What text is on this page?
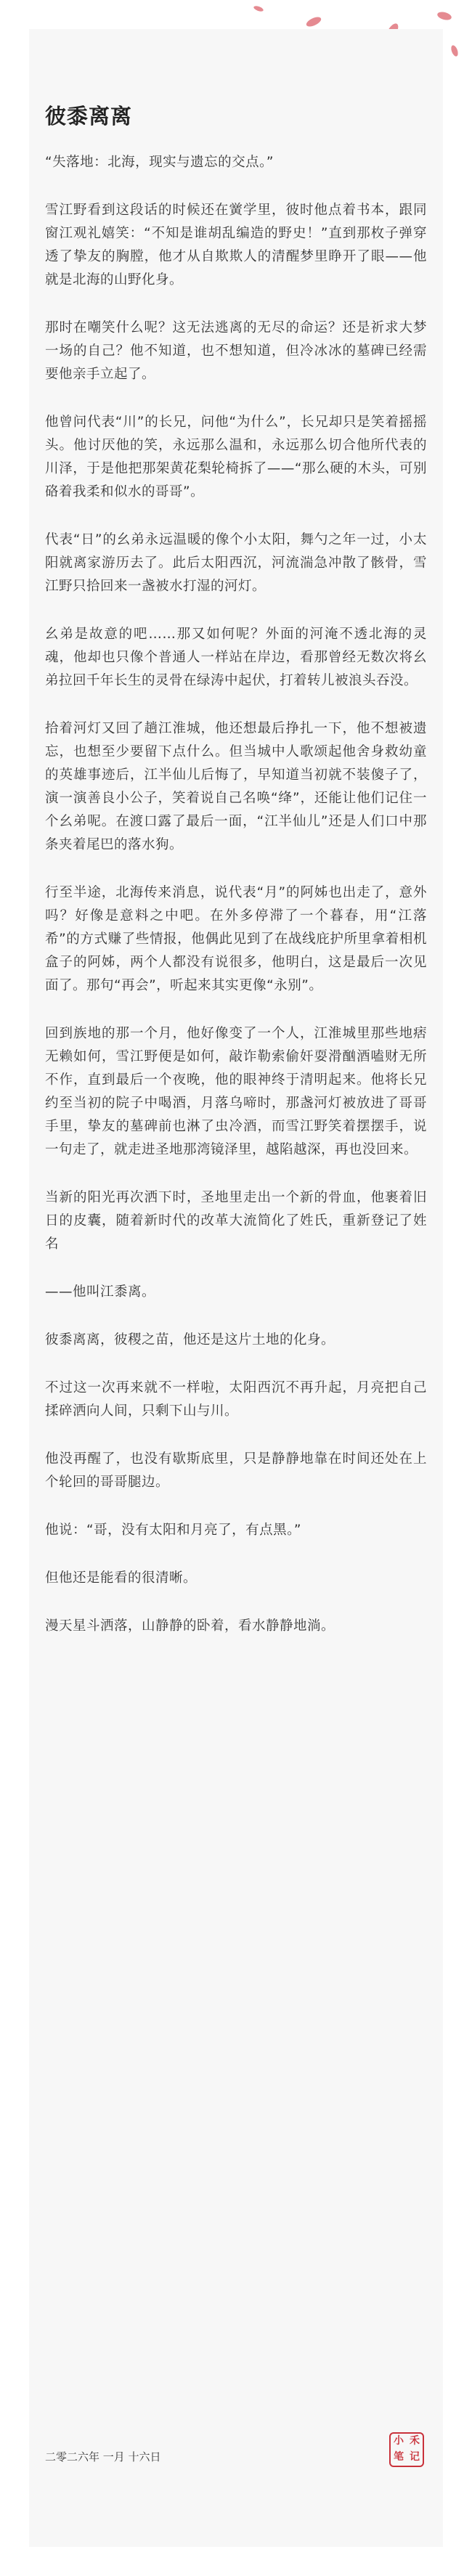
彼黍离离

“失落地：北海，现实与遗忘的交点。”

雪江野看到这段话的时候还在黉学里，彼时他点着书本，跟同窗江观礼嬉笑：“不知是谁胡乱编造的野史！”直到那枚子弹穿透了挚友的胸膛，他才从自欺欺人的清醒梦里睁开了眼——他就是北海的山野化身。

那时在嘲笑什么呢？这无法逃离的无尽的命运？还是祈求大梦一场的自己？他不知道，也不想知道，但冷冰冰的墓碑已经需要他亲手立起了。

他曾问代表“川”的长兄，问他“为什么”，长兄却只是笑着摇摇头。他讨厌他的笑，永远那么温和，永远那么切合他所代表的川泽，于是他把那架黄花梨轮椅拆了——“那么硬的木头，可别硌着我柔和似水的哥哥”。

代表“日”的幺弟永远温暖的像个小太阳，舞勺之年一过，小太阳就离家游历去了。此后太阳西沉，河流湍急冲散了骸骨，雪江野只拾回来一盏被水打湿的河灯。

幺弟是故意的吧……那又如何呢？外面的河淹不透北海的灵魂，他却也只像个普通人一样站在岸边，看那曾经无数次将幺弟拉回千年长生的灵骨在绿涛中起伏，打着转儿被浪头吞没。

拾着河灯又回了趟江淮城，他还想最后挣扎一下，他不想被遗忘，也想至少要留下点什么。但当城中人歌颂起他舍身救幼童的英雄事迹后，江半仙儿后悔了，早知道当初就不装傻子了，演一演善良小公子，笑着说自己名唤“绛”，还能让他们记住一个幺弟呢。在渡口露了最后一面，“江半仙儿”还是人们口中那条夹着尾巴的落水狗。

行至半途，北海传来消息，说代表“月”的阿姊也出走了，意外吗？好像是意料之中吧。在外多停滞了一个暮春，用“江落希”的方式赚了些情报，他偶此见到了在战线庇护所里拿着相机盒子的阿姊，两个人都没有说很多，他明白，这是最后一次见面了。那句“再会”，听起来其实更像“永别”。

回到族地的那一个月，他好像变了一个人，江淮城里那些地痞无赖如何，雪江野便是如何，敲诈勒索偷奸耍滑酗酒嗑财无所不作，直到最后一个夜晚，他的眼神终于清明起来。他将长兄约至当初的院子中喝酒，月落乌啼时，那盏河灯被放进了哥哥手里，挚友的墓碑前也淋了虫冷酒，而雪江野笑着摆摆手，说一句走了，就走进圣地那湾镜泽里，越陷越深，再也没回来。

当新的阳光再次洒下时，圣地里走出一个新的骨血，他裹着旧日的皮囊，随着新时代的改革大流简化了姓氏，重新登记了姓名

——他叫江黍离。

彼黍离离，彼稷之苗，他还是这片土地的化身。

不过这一次再来就不一样啦，太阳西沉不再升起，月亮把自己揉碎洒向人间，只剩下山与川。

他没再醒了，也没有歇斯底里，只是静静地靠在时间还处在上个轮回的哥哥腿边。

他说：“哥，没有太阳和月亮了，有点黑。”

但他还是能看的很清晰。

漫天星斗洒落，山静静的卧着，看水静静地淌。

二零二六年 一月 十六日
小 禾
笔 记
